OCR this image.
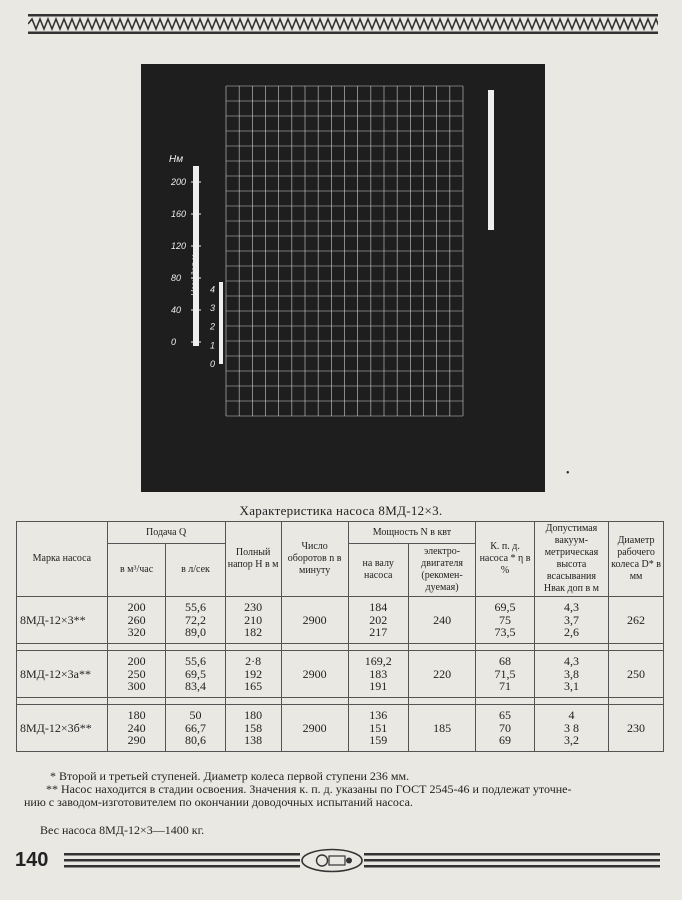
Нм
200
160
120
80
40
0
Hвак доп м 4
3
2
1
0
Характеристика насоса 8МД-12×3.
Марка насоса	Подача Q		Полный напор H в м	Число оборотов n в минуту	Мощность N в квт		К. п. д. насоса * η в %	Допустимая вакуум-метрическая высота всасывания Hвак доп в м	Диаметр рабочего колеса D* в мм
	в м³/час	в л/сек			на валу насоса	электро-двигателя (рекомен-дуемая)			
8МД-12×3**	200
260
320	55,6
72,2
89,0	230
210
182	2900	184
202
217	240	69,5
75
73,5	4,3
3,7
2,6	262

8МД-12×3а**	200
250
300	55,6
69,5
83,4	2·8
192
165	2900	169,2
183
191	220	68
71,5
71	4,3
3,8
3,1	250

8МД-12×3б**	180
240
290	50
66,7
80,6	180
158
138	2900	136
151
159	185	65
70
69	4
3 8
3,2	230
•
* Второй и третьей ступеней. Диаметр колеса первой ступени 236 мм.
** Насос находится в стадии освоения. Значения к. п. д. указаны по ГОСТ 2545-46 и подлежат уточне-
нию с заводом-изготовителем по окончании доводочных испытаний насоса.
Вес насоса 8МД-12×3—1400 кг.
140
